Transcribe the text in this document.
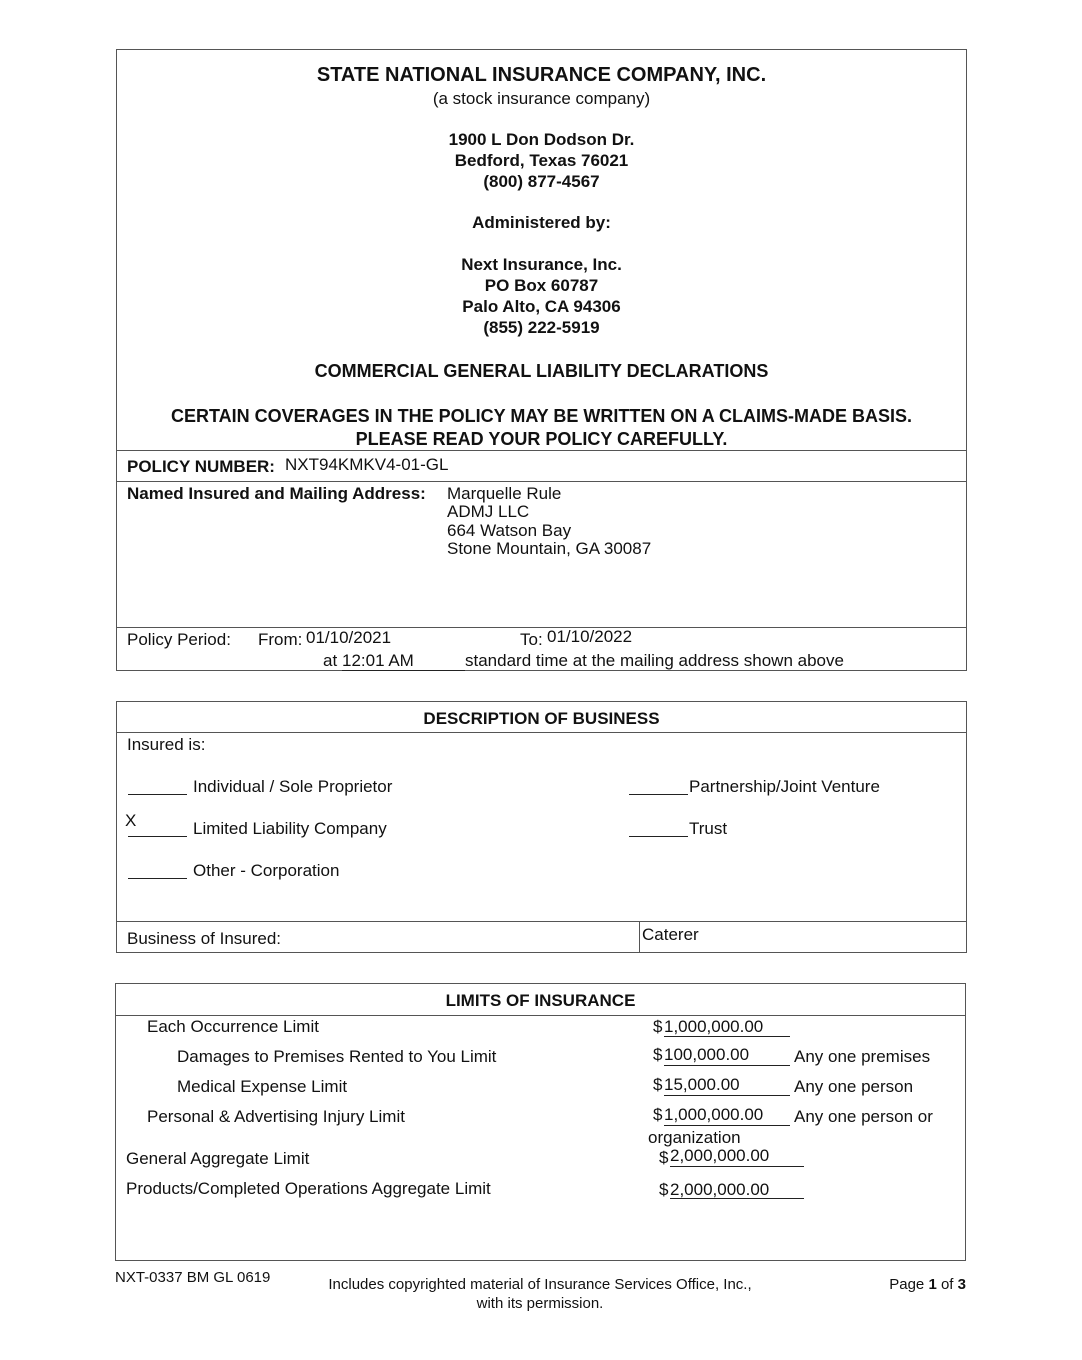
STATE NATIONAL INSURANCE COMPANY, INC.
(a stock insurance company)
1900 L Don Dodson Dr.
Bedford, Texas 76021
(800) 877-4567
Administered by:
Next Insurance, Inc.
PO Box 60787
Palo Alto, CA 94306
(855) 222-5919
COMMERCIAL GENERAL LIABILITY DECLARATIONS
CERTAIN COVERAGES IN THE POLICY MAY BE WRITTEN ON A CLAIMS-MADE BASIS.
PLEASE READ YOUR POLICY CAREFULLY.
POLICY NUMBER: NXT94KMKV4-01-GL
Named Insured and Mailing Address: Marquelle Rule
ADMJ LLC
664 Watson Bay
Stone Mountain, GA 30087
Policy Period: From: 01/10/2021	To: 01/10/2022
at 12:01 AM	standard time at the mailing address shown above
DESCRIPTION OF BUSINESS
Insured is:
Individual / Sole Proprietor
X	Limited Liability Company
Other - Corporation
Partnership/Joint Venture
Trust
Business of Insured:	Caterer
LIMITS OF INSURANCE
Each Occurrence Limit	$ 1,000,000.00
Damages to Premises Rented to You Limit	$ 100,000.00	Any one premises
Medical Expense Limit	$ 15,000.00	Any one person
Personal & Advertising Injury Limit	$ 1,000,000.00 Any one person or
organization
General Aggregate Limit	$ 2,000,000.00
Products/Completed Operations Aggregate Limit	$ 2,000,000.00
NXT-0337 BM GL 0619	Includes copyrighted material of Insurance Services Office, Inc.,
with its permission.
Page 1 of 3
